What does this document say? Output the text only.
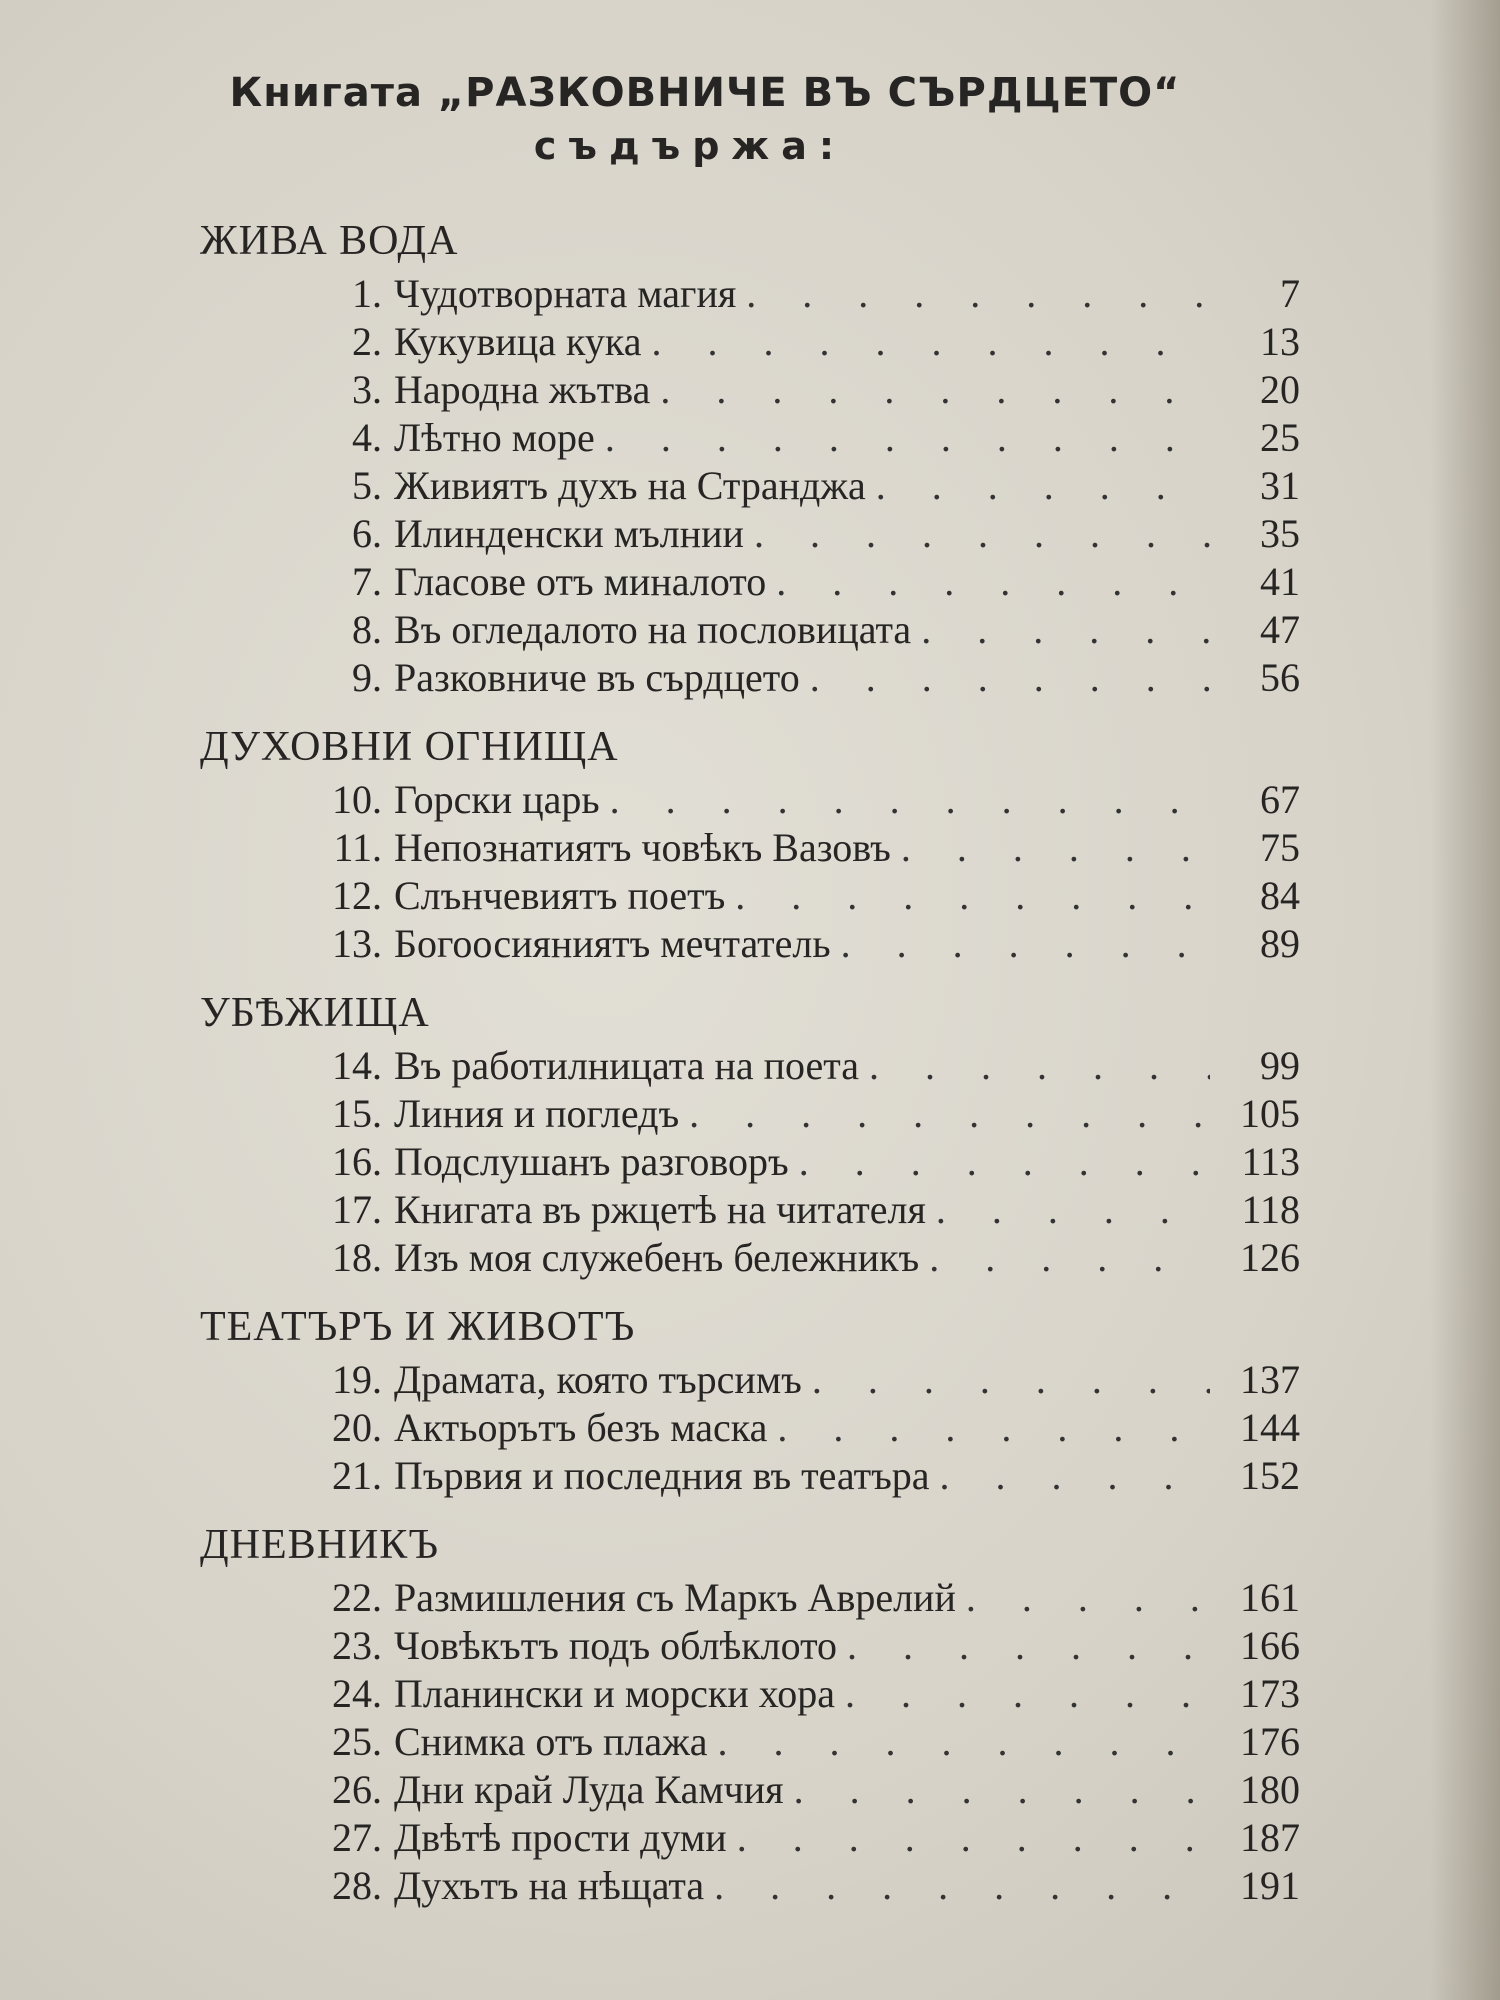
Книгата „РАЗКОВНИЧЕ ВЪ СЪРДЦЕТО“
съдържа:
ЖИВА ВОДА
1. Чудотворната магия . . .	7
2. Кукувица кука . . .	13
3. Народна жътва . . .	20
4. Лѣтно море . . .	25
5. Живиятъ духъ на Странджа . . .	31
6. Илинденски мълнии . . .	35
7. Гласове отъ миналото . . .	41
8. Въ огледалото на пословицата . . .	47
9. Разковниче въ сърдцето . . .	56
ДУХОВНИ ОГНИЩА
10. Горски царь . . .	67
11. Непознатиятъ човѣкъ Вазовъ . . .	75
12. Слънчевиятъ поетъ . . .	84
13. Богоосияниятъ мечтатель . . .	89
УБѢЖИЩА
14. Въ работилницата на поета . . .	99
15. Линия и погледъ . . .	105
16. Подслушанъ разговоръ . . .	113
17. Книгата въ ржцетѣ на читателя . . .	118
18. Изъ моя служебенъ бележникъ . . .	126
ТЕАТЪРЪ И ЖИВОТЪ
19. Драмата, която търсимъ . . .	137
20. Актьорътъ безъ маска . . .	144
21. Първия и последния въ театъра . . .	152
ДНЕВНИКЪ
22. Размишления съ Маркъ Аврелий . . .	161
23. Човѣкътъ подъ облѣклото . . .	166
24. Планински и морски хора . . .	173
25. Снимка отъ плажа . . .	176
26. Дни край Луда Камчия . . .	180
27. Двѣтѣ прости думи . . .	187
28. Духътъ на нѣщата . . .	191
